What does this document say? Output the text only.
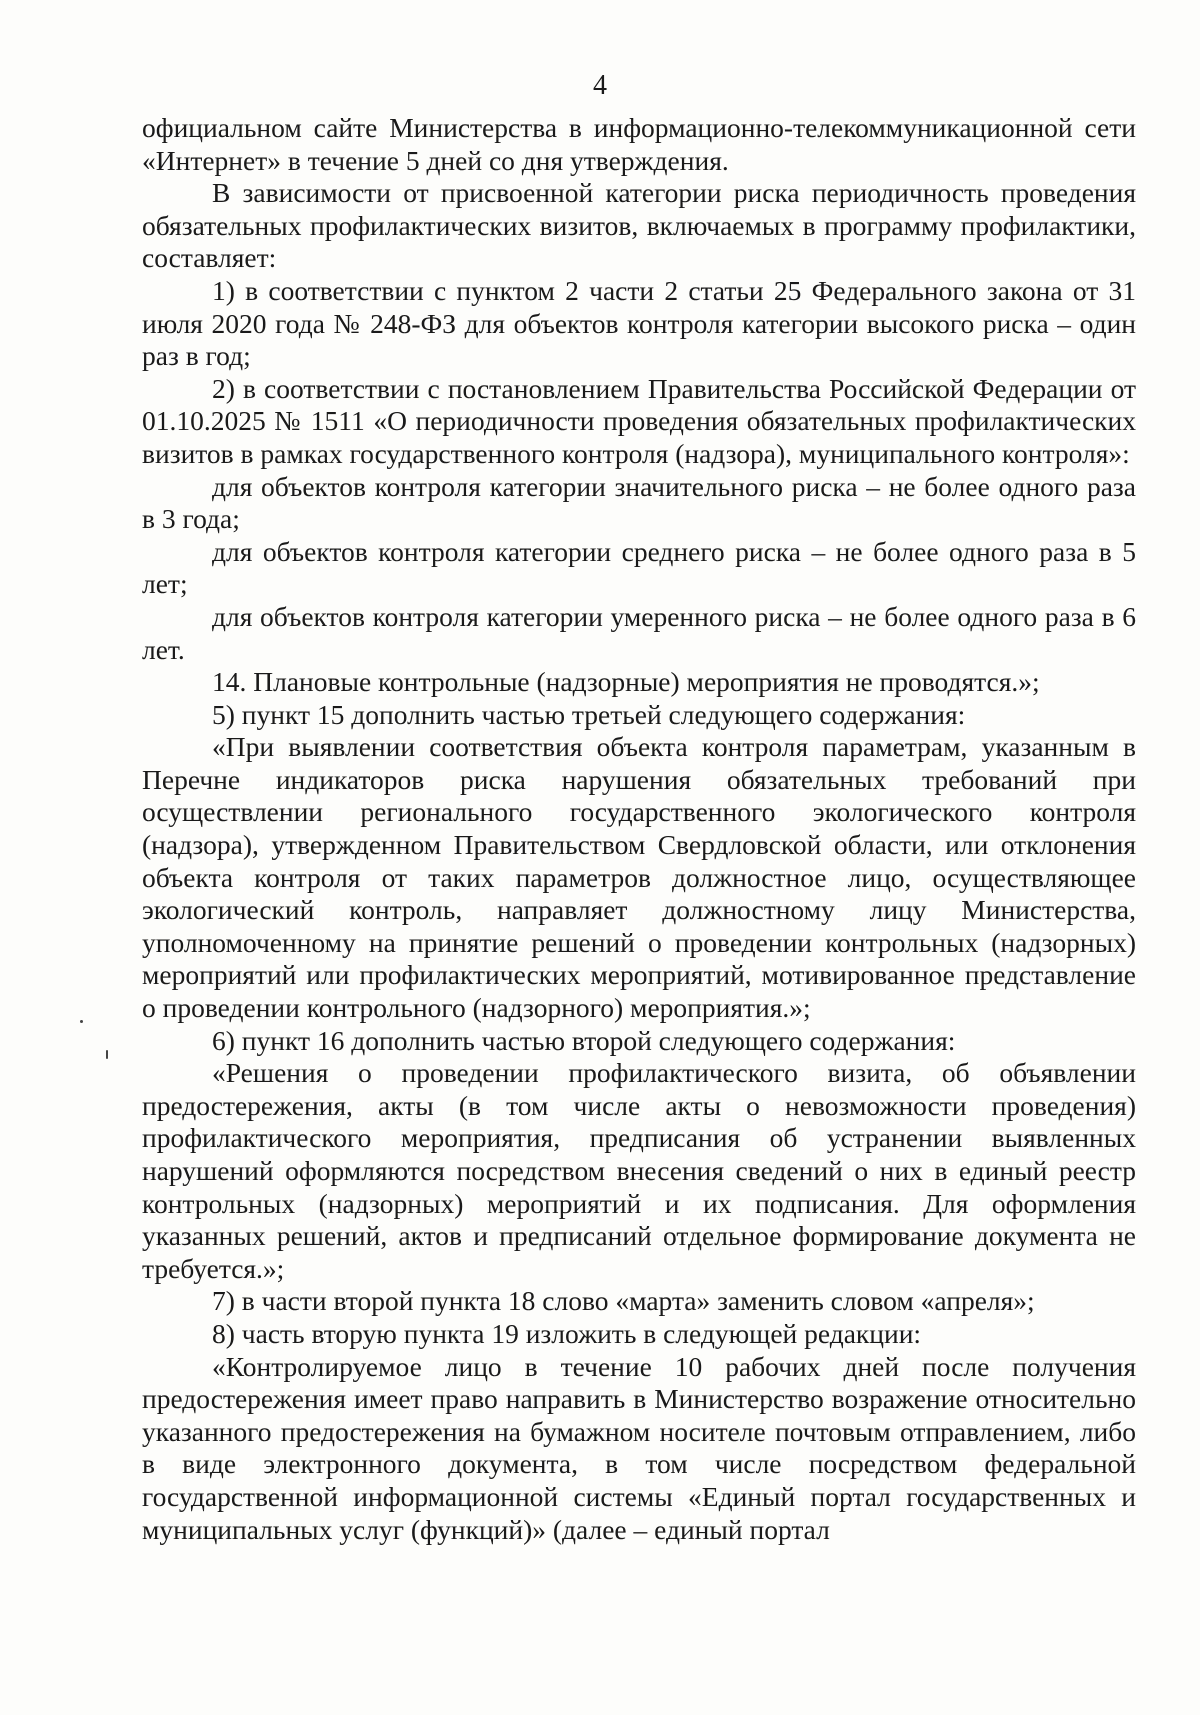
4

официальном сайте Министерства в информационно-телекоммуникационной сети «Интернет» в течение 5 дней со дня утверждения.

В зависимости от присвоенной категории риска периодичность проведения обязательных профилактических визитов, включаемых в программу профилактики, составляет:

1) в соответствии с пунктом 2 части 2 статьи 25 Федерального закона от 31 июля 2020 года № 248-ФЗ для объектов контроля категории высокого риска – один раз в год;

2) в соответствии с постановлением Правительства Российской Федерации от 01.10.2025 № 1511 «О периодичности проведения обязательных профилактических визитов в рамках государственного контроля (надзора), муниципального контроля»:

для объектов контроля категории значительного риска – не более одного раза в 3 года;

для объектов контроля категории среднего риска – не более одного раза в 5 лет;

для объектов контроля категории умеренного риска – не более одного раза в 6 лет.

14. Плановые контрольные (надзорные) мероприятия не проводятся.»;

5) пункт 15 дополнить частью третьей следующего содержания:

«При выявлении соответствия объекта контроля параметрам, указанным в Перечне индикаторов риска нарушения обязательных требований при осуществлении регионального государственного экологического контроля (надзора), утвержденном Правительством Свердловской области, или отклонения объекта контроля от таких параметров должностное лицо, осуществляющее экологический контроль, направляет должностному лицу Министерства, уполномоченному на принятие решений о проведении контрольных (надзорных) мероприятий или профилактических мероприятий, мотивированное представление о проведении контрольного (надзорного) мероприятия.»;

6) пункт 16 дополнить частью второй следующего содержания:

«Решения о проведении профилактического визита, об объявлении предостережения, акты (в том числе акты о невозможности проведения) профилактического мероприятия, предписания об устранении выявленных нарушений оформляются посредством внесения сведений о них в единый реестр контрольных (надзорных) мероприятий и их подписания. Для оформления указанных решений, актов и предписаний отдельное формирование документа не требуется.»;

7) в части второй пункта 18 слово «марта» заменить словом «апреля»;

8) часть вторую пункта 19 изложить в следующей редакции:

«Контролируемое лицо в течение 10 рабочих дней после получения предостережения имеет право направить в Министерство возражение относительно указанного предостережения на бумажном носителе почтовым отправлением, либо в виде электронного документа, в том числе посредством федеральной государственной информационной системы «Единый портал государственных и муниципальных услуг (функций)» (далее – единый портал
